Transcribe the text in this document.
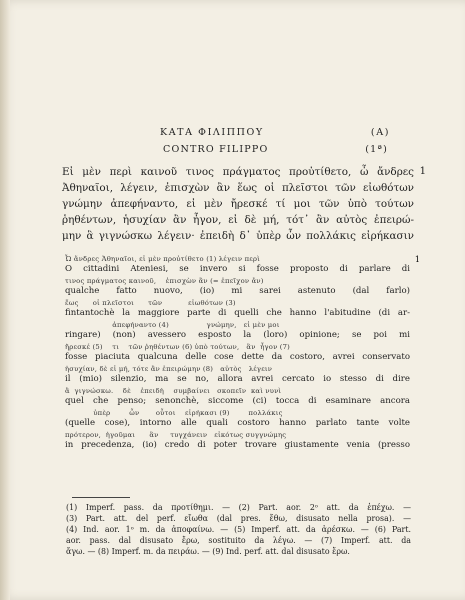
ΚΑΤΑ ΦΙΛΙΠΠΟΥ	(Α)
CONTRO FILIPPO	(1ª)
Εἰ μὲν περὶ καινοῦ τινος πράγματος προὐτίθετο, ὦ ἄνδρες 1
Ἀθηναῖοι, λέγειν, ἐπισχὼν ἂν ἕως οἱ πλεῖστοι τῶν εἰωθότων
γνώμην ἀπεφήναντο, εἰ μὲν ἤρεσκέ τί μοι τῶν ὑπὸ τούτων
ῥηθέντων, ἡσυχίαν ἂν ἦγον, εἰ δὲ μή, τότ᾽ ἂν αὐτὸς ἐπειρώ-
μην ἃ γιγνώσκω λέγειν· ἐπειδὴ δ᾽ ὑπὲρ ὧν πολλάκις εἰρήκασιν
Ὦ ἄνδρες Ἀθηναῖοι, εἰ μὲν προὐτίθετο (1) λέγειν περὶ
O cittadini Ateniesi, se invero si fosse proposto di parlare di
1
τινος πράγματος καινοῦ,    ἐπισχὼν ἂν (= ἐπεῖχον ἄν)
qualche fatto nuovo, (io) mi sarei astenuto (dal farlo)
ἕως      οἱ πλεῖστοι      τῶν           εἰωθότων (3)
fintantochè la maggiore parte di quelli che hanno l'abitudine (di ar-
ἀπεφήναντο (4)                γνώμην,   εἰ μὲν μοι
ringare) (non) avessero esposto la (loro) opinione; se poi mi
ἤρεσκέ (5)    τι    τῶν ῥηθέντων (6) ὑπὸ τούτων,   ἂν  ἦγον (7)
fosse piaciuta qualcuna delle cose dette da costoro, avrei conservato
ἡσυχίαν, δὲ εἰ μή, τότε ἂν ἐπειρώμην (8)   αὐτὸς   λέγειν
il (mio) silenzio, ma se no, allora avrei cercato io stesso di dire
ἃ  γιγνώσκω.    δὲ    ἐπειδὴ    συμβαίνει   σκοπεῖν  καὶ νυνὶ
quel che penso; senonchè, siccome (ci) tocca di esaminare ancora
ὑπὲρ        ὧν       οὗτοι    εἰρήκασι (9)        πολλάκις
(quelle cose), intorno alle quali costoro hanno parlato tante volte
πρότερον,  ἡγοῦμαι      ἂν     τυγχάνειν   εἰκότως συγγνώμης
in precedenza, (io) credo di poter trovare giustamente venia (presso
(1) Imperf. pass. da προτίθημι. — (2) Part. aor. 2ᵒ att. da ἐπέχω. —
(3) Part. att. del perf. εἴωθα (dal pres. ἔθω, disusato nella prosa). —
(4) Ind. aor. 1ᵒ m. da ἀποφαίνω. — (5) Imperf. att. da ἀρέσκω. — (6) Part.
aor. pass. dal disusato ἔρω, sostituito da λέγω. — (7) Imperf. att. da
ἄγω. — (8) Imperf. m. da πειράω. — (9) Ind. perf. att. dal disusato ἔρω.
